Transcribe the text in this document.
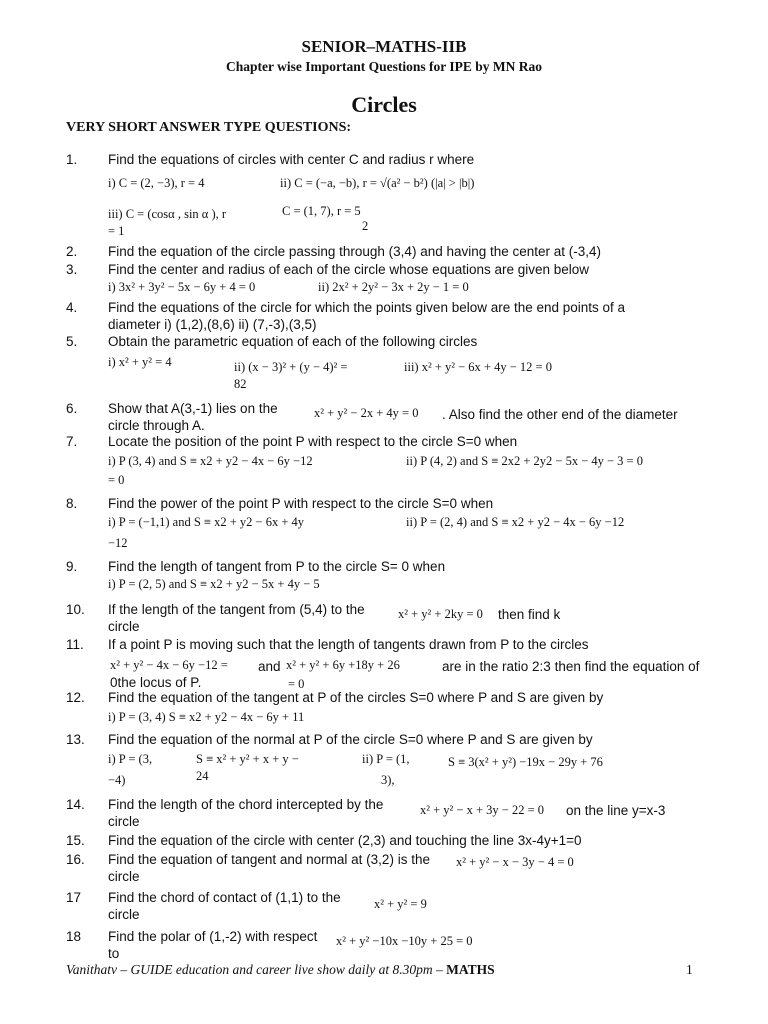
SENIOR–MATHS-IIB
Chapter wise Important Questions for IPE by MN Rao
Circles
VERY SHORT ANSWER TYPE QUESTIONS:
1. Find the equations of circles with center C and radius r where
i) C = (2, −3), r = 4	ii) C = (−a, −b), r = √(a² − b²) (|a| > |b|)
iii) C = (cosα , sin α ), r
= 1
C = (1, 7), r = 5
2
2. Find the equation of the circle passing through (3,4) and having the center at (-3,4)
3. Find the center and radius of each of the circle whose equations are given below
i) 3x² + 3y² − 5x − 6y + 4 = 0	ii) 2x² + 2y² − 3x + 2y − 1 = 0
4. Find the equations of the circle for which the points given below are the end points of a
diameter i) (1,2),(8,6) ii) (7,-3),(3,5)
5. Obtain the parametric equation of each of the following circles
i) x² + y² = 4	ii) (x − 3)² + (y − 4)² =
82
iii) x² + y² − 6x + 4y − 12 = 0
6. Show that A(3,-1) lies on the	x² + y² − 2x + 4y = 0 . Also find the other end of the diameter
circle through A.
7. Locate the position of the point P with respect to the circle S=0 when
i) P (3, 4) and S ≡ x2 + y2 − 4x − 6y −12	ii) P (4, 2) and S ≡ 2x2 + 2y2 − 5x − 4y − 3 = 0
= 0
8. Find the power of the point P with respect to the circle S=0 when
i) P = (−1,1) and S ≡ x2 + y2 − 6x + 4y	ii) P = (2, 4) and S ≡ x2 + y2 − 4x − 6y −12
−12
9. Find the length of tangent from P to the circle S= 0 when
i) P = (2, 5) and S ≡ x2 + y2 − 5x + 4y − 5
10. If the length of the tangent from (5,4) to the	x² + y² + 2ky = 0 then find k
circle
11. If a point P is moving such that the length of tangents drawn from P to the circles
x² + y² − 4x − 6y −12 =
0the locus of P.
and x² + y² + 6y +18y + 26
= 0
are in the ratio 2:3 then find the equation of
12. Find the equation of the tangent at P of the circles S=0 where P and S are given by
i) P = (3, 4) S ≡ x2 + y2 − 4x − 6y + 11
13. Find the equation of the normal at P of the circle S=0 where P and S are given by
i) P = (3,
−4)
S ≡ x² + y² + x + y −
24
ii) P = (1,
3),
S ≡ 3(x² + y²) −19x − 29y + 76
14. Find the length of the chord intercepted by the	x² + y² − x + 3y − 22 = 0 on the line y=x-3
circle
15. Find the equation of the circle with center (2,3) and touching the line 3x-4y+1=0
16. Find the equation of tangent and normal at (3,2) is the x² + y² − x − 3y − 4 = 0
circle
17 Find the chord of contact of (1,1) to the	x² + y² = 9
circle
18 Find the polar of (1,-2) with respect x² + y² −10x −10y + 25 = 0
to
Vanithatv – GUIDE education and career live show daily at 8.30pm – MATHS	1
